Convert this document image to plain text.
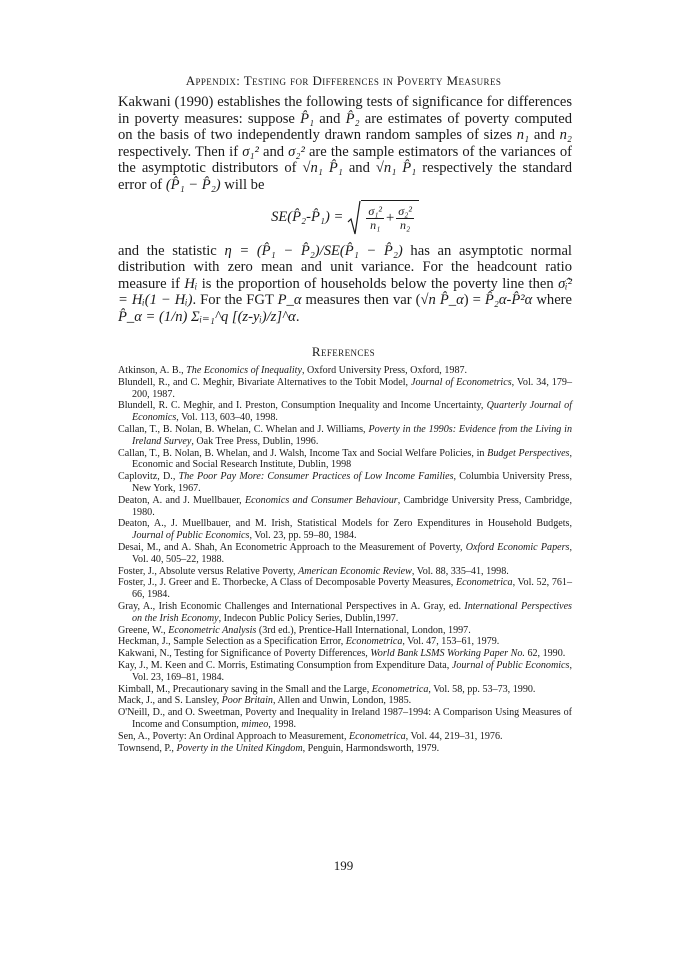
Appendix: Testing for Differences in Poverty Measures

Kakwani (1990) establishes the following tests of significance for differences in poverty measures: suppose P̂₁ and P̂₂ are estimates of poverty computed on the basis of two independently drawn random samples of sizes n₁ and n₂ respectively. Then if σ₁² and σ₂² are the sample estimators of the variances of the asymptotic distributors of √n₁ P̂₁ and √n₁ P̂₁ respectively the standard error of (P̂₁ − P̂₂) will be

SE(P̂₂-P̂₁) = $\frac{\text{σ₁²}}{\text{n₁}} + \frac{\text{σ₂²}}{\text{n₂}}$

and the statistic η = (P̂₁ − P̂₂)/SE(P̂₁ − P̂₂) has an asymptotic normal distribution with zero mean and unit variance. For the headcount ratio measure if Hᵢ is the proportion of households below the poverty line then σ̂ᵢ² = Hᵢ(1 − Hᵢ). For the FGT P_α measures then var (√n P̂_α) = P̂₂α-P̂²α where P̂_α = (1/n) Σᵢ₌₁^q [(z-yᵢ)/z]^α.

References
Atkinson, A. B., The Economics of Inequality, Oxford University Press, Oxford, 1987.
Blundell, R., and C. Meghir, Bivariate Alternatives to the Tobit Model, Journal of Econometrics, Vol. 34, 179–200, 1987.
Blundell, R. C. Meghir, and I. Preston, Consumption Inequality and Income Uncertainty, Quarterly Journal of Economics, Vol. 113, 603–40, 1998.
Callan, T., B. Nolan, B. Whelan, C. Whelan and J. Williams, Poverty in the 1990s: Evidence from the Living in Ireland Survey, Oak Tree Press, Dublin, 1996.
Callan, T., B. Nolan, B. Whelan, and J. Walsh, Income Tax and Social Welfare Policies, in Budget Perspectives, Economic and Social Research Institute, Dublin, 1998
Caplovitz, D., The Poor Pay More: Consumer Practices of Low Income Families, Columbia University Press, New York, 1967.
Deaton, A. and J. Muellbauer, Economics and Consumer Behaviour, Cambridge University Press, Cambridge, 1980.
Deaton, A., J. Muellbauer, and M. Irish, Statistical Models for Zero Expenditures in Household Budgets, Journal of Public Economics, Vol. 23, pp. 59–80, 1984.
Desai, M., and A. Shah, An Econometric Approach to the Measurement of Poverty, Oxford Economic Papers, Vol. 40, 505–22, 1988.
Foster, J., Absolute versus Relative Poverty, American Economic Review, Vol. 88, 335–41, 1998.
Foster, J., J. Greer and E. Thorbecke, A Class of Decomposable Poverty Measures, Econometrica, Vol. 52, 761–66, 1984.
Gray, A., Irish Economic Challenges and International Perspectives in A. Gray, ed. International Perspectives on the Irish Economy, Indecon Public Policy Series, Dublin,1997.
Greene, W., Econometric Analysis (3rd ed.), Prentice-Hall International, London, 1997.
Heckman, J., Sample Selection as a Specification Error, Econometrica, Vol. 47, 153–61, 1979.
Kakwani, N., Testing for Significance of Poverty Differences, World Bank LSMS Working Paper No. 62, 1990.
Kay, J., M. Keen and C. Morris, Estimating Consumption from Expenditure Data, Journal of Public Economics, Vol. 23, 169–81, 1984.
Kimball, M., Precautionary saving in the Small and the Large, Econometrica, Vol. 58, pp. 53–73, 1990.
Mack, J., and S. Lansley, Poor Britain, Allen and Unwin, London, 1985.
O'Neill, D., and O. Sweetman, Poverty and Inequality in Ireland 1987–1994: A Comparison Using Measures of Income and Consumption, mimeo, 1998.
Sen, A., Poverty: An Ordinal Approach to Measurement, Econometrica, Vol. 44, 219–31, 1976.
Townsend, P., Poverty in the United Kingdom, Penguin, Harmondsworth, 1979.
199
